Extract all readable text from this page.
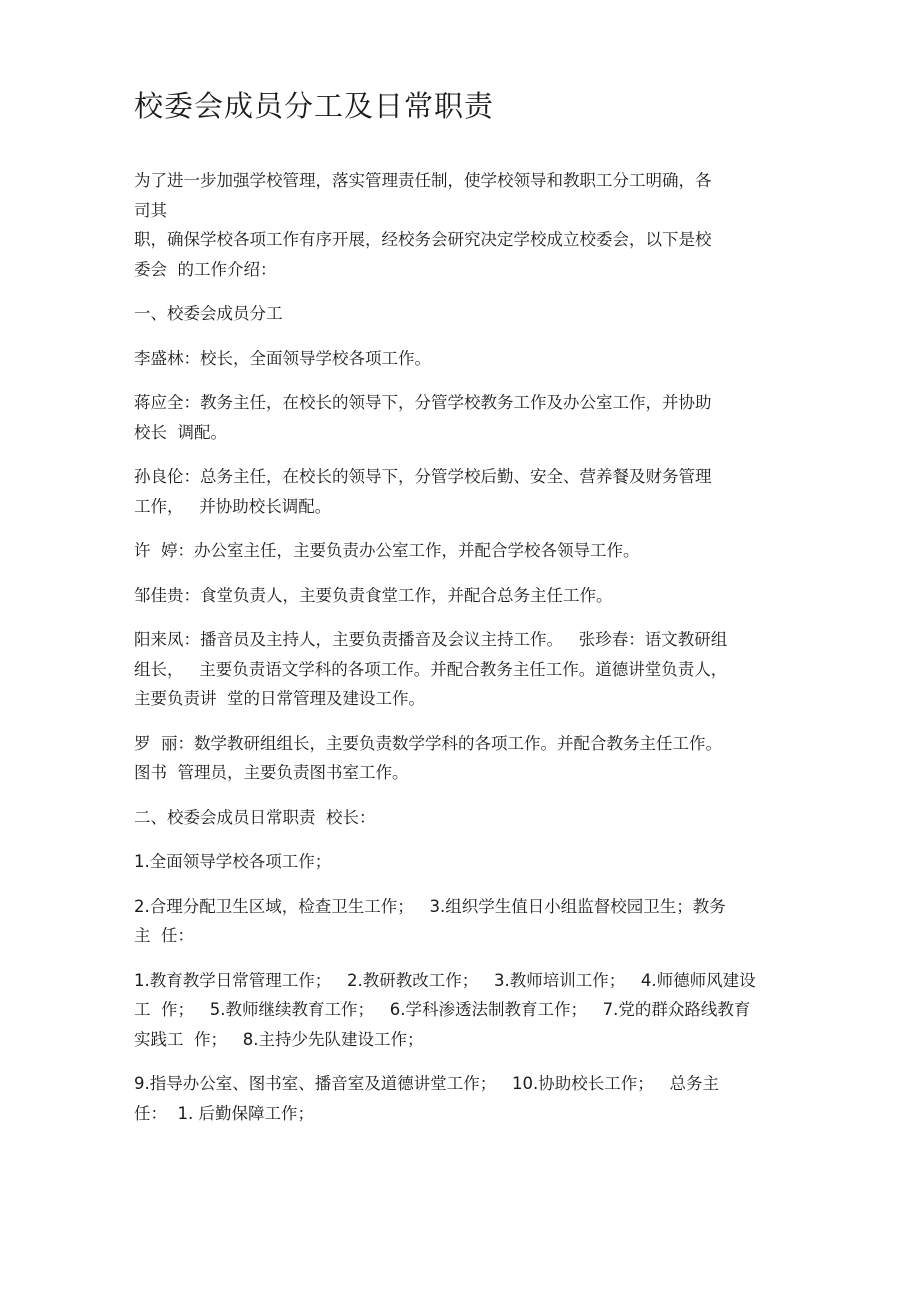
校委会成员分工及日常职责

为了进一步加强学校管理，落实管理责任制，使学校领导和教职工分工明确，各
司其
职，确保学校各项工作有序开展，经校务会研究决定学校成立校委会，以下是校
委会  的工作介绍：

一、校委会成员分工

李盛林：校长，全面领导学校各项工作。

蒋应全：教务主任，在校长的领导下，分管学校教务工作及办公室工作，并协助
校长  调配。

孙良伦：总务主任，在校长的领导下，分管学校后勤、安全、营养餐及财务管理
工作，   并协助校长调配。

许  婷：办公室主任，主要负责办公室工作，并配合学校各领导工作。

邹佳贵：食堂负责人，主要负责食堂工作，并配合总务主任工作。

阳来凤：播音员及主持人，主要负责播音及会议主持工作。   张珍春：语文教研组
组长，   主要负责语文学科的各项工作。并配合教务主任工作。道德讲堂负责人，
主要负责讲  堂的日常管理及建设工作。

罗  丽：数学教研组组长，主要负责数学学科的各项工作。并配合教务主任工作。
图书  管理员，主要负责图书室工作。

二、校委会成员日常职责  校长：

1.全面领导学校各项工作；

2.合理分配卫生区域，检查卫生工作；   3.组织学生值日小组监督校园卫生；教务
主  任：

1.教育教学日常管理工作；   2.教研教改工作；   3.教师培训工作；   4.师德师风建设
工  作；   5.教师继续教育工作；   6.学科渗透法制教育工作；   7.党的群众路线教育
实践工  作；   8.主持少先队建设工作；

9.指导办公室、图书室、播音室及道德讲堂工作；   10.协助校长工作；   总务主
任：  1. 后勤保障工作；
